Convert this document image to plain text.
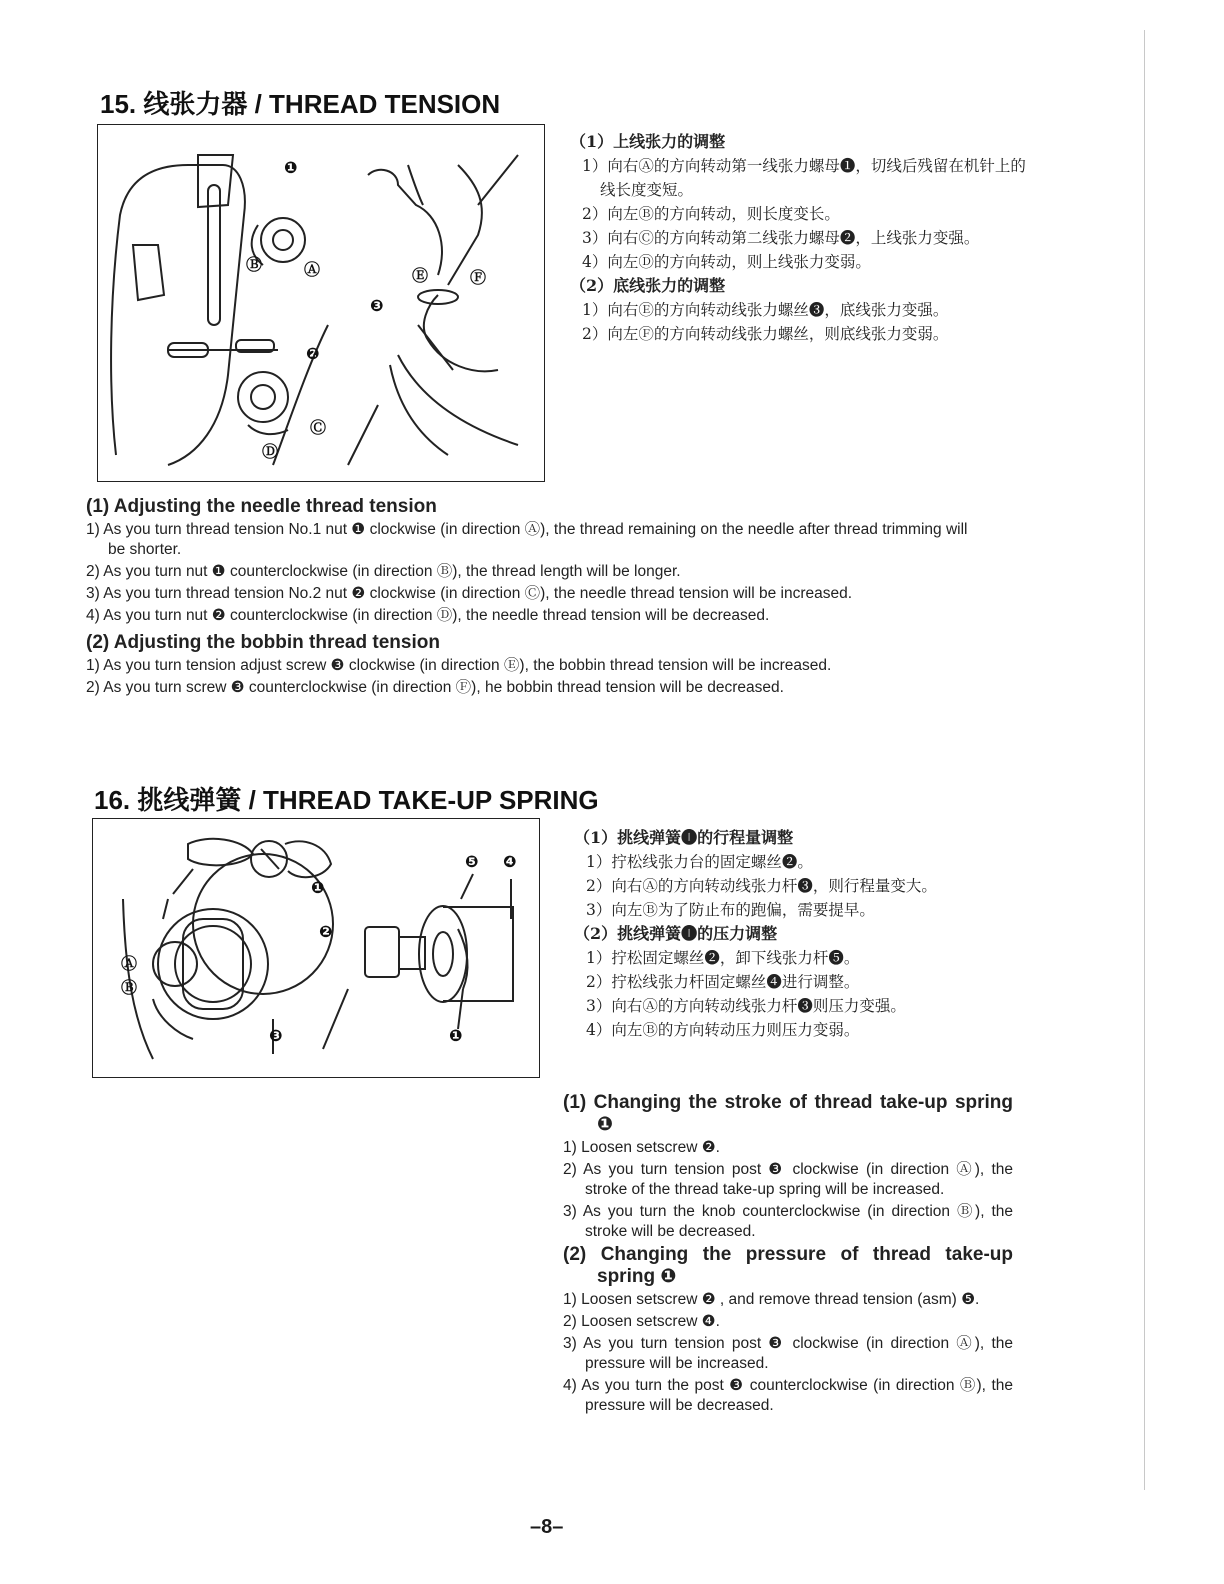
15. 线张力器 / THREAD TENSION
❶
Ⓑ	Ⓐ
❸
Ⓔ	Ⓕ
❷
Ⓒ
Ⓓ
（1）上线张力的调整
1）向右Ⓐ的方向转动第一线张力螺母❶，切线后残留在机针上的线长度变短。
2）向左Ⓑ的方向转动，则长度变长。
3）向右Ⓒ的方向转动第二线张力螺母❷，上线张力变强。
4）向左Ⓓ的方向转动，则上线张力变弱。
（2）底线张力的调整
1）向右Ⓔ的方向转动线张力螺丝❸，底线张力变强。
2）向左Ⓕ的方向转动线张力螺丝，则底线张力变弱。
(1) Adjusting the needle thread tension
1) As you turn thread tension No.1 nut ❶ clockwise (in direction Ⓐ), the thread remaining on the needle after thread trimming will be shorter.
2) As you turn nut ❶ counterclockwise (in direction Ⓑ), the thread length will be longer.
3) As you turn thread tension No.2 nut ❷ clockwise (in direction Ⓒ), the needle thread tension will be increased.
4) As you turn nut ❷ counterclockwise (in direction Ⓓ), the needle thread tension will be decreased.
(2) Adjusting the bobbin thread tension
1) As you turn tension adjust screw ❸ clockwise (in direction Ⓔ), the bobbin thread tension will be increased.
2) As you turn screw ❸ counterclockwise (in direction Ⓕ), he bobbin thread tension will be decreased.
16. 挑线弹簧 / THREAD TAKE-UP SPRING
❺ ❹
❶
❷
Ⓐ
Ⓑ
❸	❶
（1）挑线弹簧❶的行程量调整
1）拧松线张力台的固定螺丝❷。
2）向右Ⓐ的方向转动线张力杆❸，则行程量变大。
3）向左Ⓑ为了防止布的跑偏，需要提早。
（2）挑线弹簧❶的压力调整
1）拧松固定螺丝❷，卸下线张力杆❺。
2）拧松线张力杆固定螺丝❹进行调整。
3）向右Ⓐ的方向转动线张力杆❸则压力变强。
4）向左Ⓑ的方向转动压力则压力变弱。
(1) Changing the stroke of thread take-up spring ❶
1) Loosen setscrew ❷.
2) As you turn tension post ❸ clockwise (in direction Ⓐ), the stroke of the thread take-up spring will be increased.
3) As you turn the knob counterclockwise (in direction Ⓑ), the stroke will be decreased.
(2) Changing the pressure of thread take-up spring ❶
1) Loosen setscrew ❷ , and remove thread tension (asm) ❺.
2) Loosen setscrew ❹.
3) As you turn tension post ❸ clockwise (in direction Ⓐ), the pressure will be increased.
4) As you turn the post ❸ counterclockwise (in direction Ⓑ), the pressure will be decreased.
–8–
